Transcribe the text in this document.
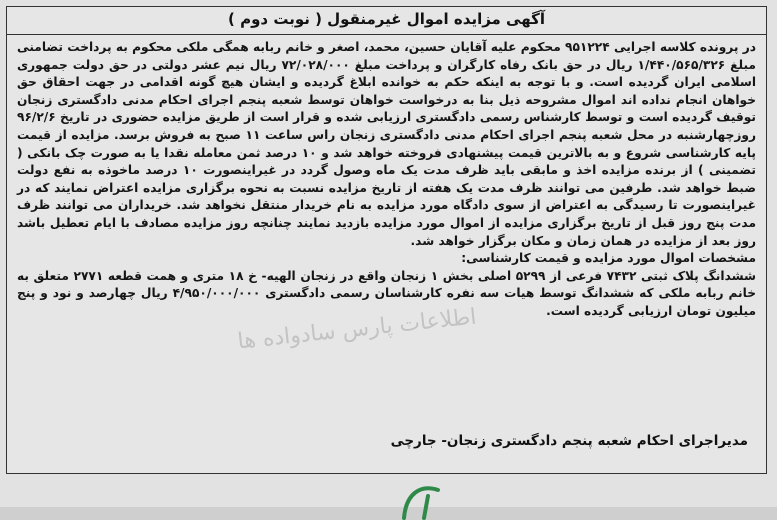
آگهی مزایده اموال غیرمنقول ( نوبت دوم )

در پرونده کلاسه اجرایی ۹۵۱۲۲۴ محکوم علیه آقایان حسین، محمد، اصغر و خانم ربابه همگی ملکی محکوم به پرداخت تضامنی مبلغ ۱/۴۴۰/۵۶۵/۳۲۶ ریال در حق بانک رفاه کارگران و پرداخت مبلغ ۷۲/۰۲۸/۰۰۰ ریال نیم عشر دولتی در حق دولت جمهوری اسلامی ایران گردیده است. و با توجه به اینکه حکم به خوانده ابلاغ گردیده و ایشان هیچ گونه اقدامی در جهت احقاق حق خواهان انجام نداده اند اموال مشروحه ذیل بنا به درخواست خواهان توسط شعبه پنجم اجرای احکام مدنی دادگستری زنجان توقیف گردیده است و توسط کارشناس رسمی دادگستری ارزیابی شده و قرار است از طریق مزایده حضوری در تاریخ ۹۶/۲/۶ روزچهارشنبه در محل شعبه پنجم اجرای احکام مدنی دادگستری زنجان راس ساعت ۱۱ صبح به فروش برسد. مزایده از قیمت پایه کارشناسی شروع و به بالاترین قیمت پیشنهادی فروخته خواهد شد و ۱۰ درصد ثمن معامله نقدا یا به صورت چک بانکی ( تضمینی ) از برنده مزایده اخذ و مابقی باید ظرف مدت یک ماه وصول گردد در غیراینصورت ۱۰ درصد ماخوذه به نفع دولت ضبط خواهد شد. طرفین می توانند ظرف مدت یک هفته از تاریخ مزایده نسبت به نحوه برگزاری مزایده اعتراض نمایند که در غیراینصورت تا رسیدگی به اعتراض از سوی دادگاه مورد مزایده به نام خریدار منتقل نخواهد شد. خریداران می توانند ظرف مدت پنج روز قبل از تاریخ برگزاری مزایده از اموال مورد مزایده بازدید نمایند چنانچه روز مزایده مصادف با ایام تعطیل باشد روز بعد از مزایده در همان زمان و مکان برگزار خواهد شد.

مشخصات اموال مورد مزایده و قیمت کارشناسی:

ششدانگ پلاک ثبتی ۷۴۳۲ فرعی از ۵۲۹۹ اصلی بخش ۱ زنجان واقع در زنجان الهیه- خ ۱۸ متری و همت قطعه ۲۷۷۱ متعلق به خانم ربابه ملکی که ششدانگ توسط هیات سه نفره کارشناسان رسمی دادگستری ۴/۹۵۰/۰۰۰/۰۰۰ ریال چهارصد و نود و پنج میلیون تومان ارزیابی گردیده است.

اطلاعات پارس سادواده ها
مدیراجرای احکام شعبه پنجم دادگستری زنجان- جارچی
